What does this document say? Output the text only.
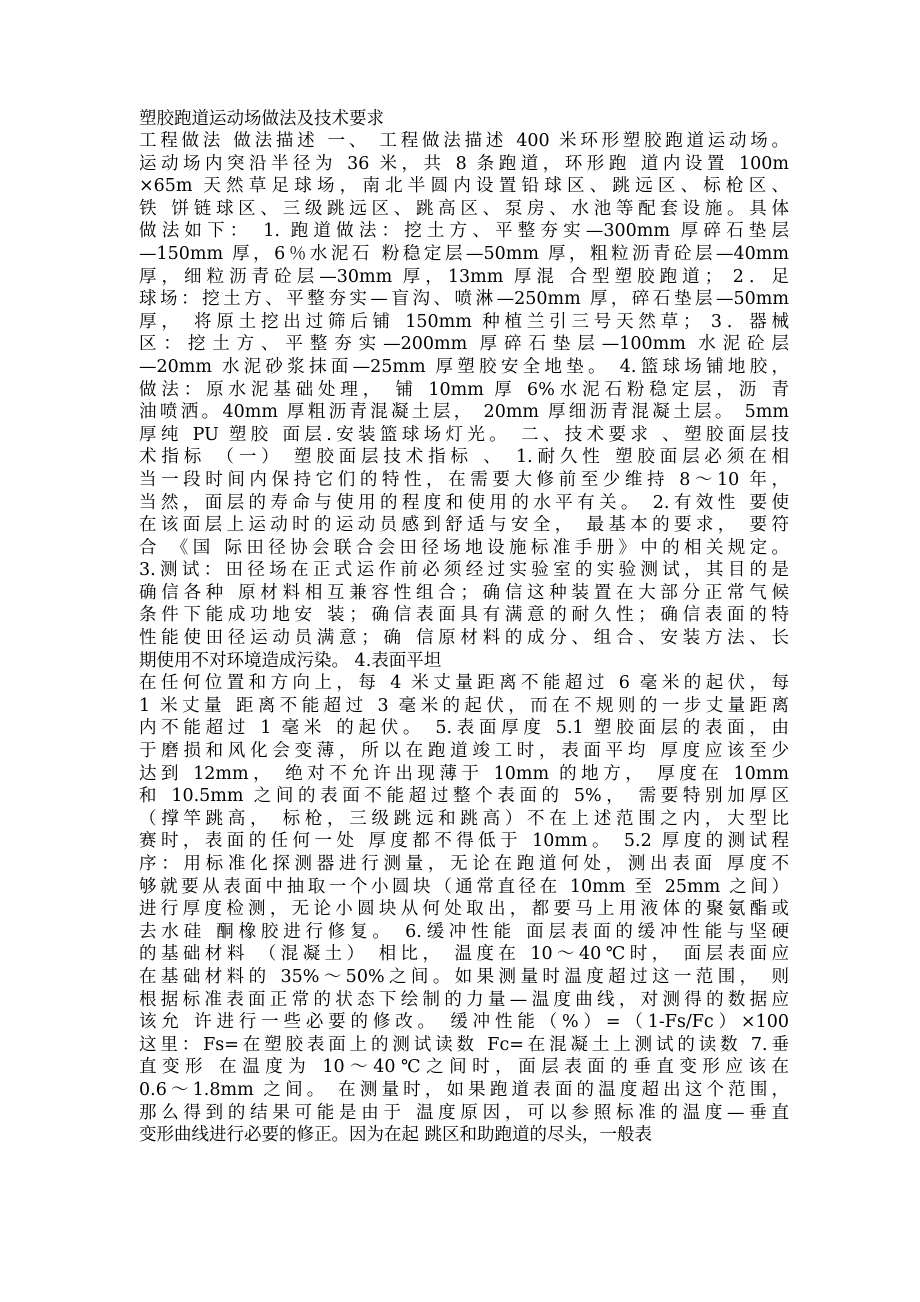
塑胶跑道运动场做法及技术要求
工程做法 做法描述 一、 工程做法描述 400 米环形塑胶跑道运动场。
运动场内突沿半径为 36 米，共 8 条跑道，环形跑 道内设置 100m
×65m 天然草足球场，南北半圆内设置铅球区、跳远区、标枪区、
铁 饼链球区、三级跳远区、跳高区、泵房、水池等配套设施。具体
做法如下： 1. 跑道做法：挖土方、平整夯实—300mm 厚碎石垫层
—150mm 厚，6％水泥石 粉稳定层—50mm 厚，粗粒沥青砼层—40mm
厚，细粒沥青砼层—30mm 厚，13mm 厚混 合型塑胶跑道； 2．足
球场：挖土方、平整夯实—盲沟、喷淋—250mm 厚，碎石垫层—50mm
厚， 将原土挖出过筛后铺 150mm 种植兰引三号天然草； 3．器械
区：挖土方、平整夯实—200mm 厚碎石垫层—100mm 水泥砼层
—20mm 水泥砂浆抹面—25mm 厚塑胶安全地垫。 4.篮球场铺地胶，
做法：原水泥基础处理， 铺 10mm 厚 6%水泥石粉稳定层，沥 青
油喷洒。40mm 厚粗沥青混凝土层， 20mm 厚细沥青混凝土层。 5mm
厚纯 PU 塑胶 面层.安装篮球场灯光。 二、技术要求 、塑胶面层技
术指标 （一） 塑胶面层技术指标 、 1.耐久性 塑胶面层必须在相
当一段时间内保持它们的特性，在需要大修前至少维持 8～10 年，
当然，面层的寿命与使用的程度和使用的水平有关。 2.有效性 要使
在该面层上运动时的运动员感到舒适与安全， 最基本的要求， 要符
合 《国 际田径协会联合会田径场地设施标准手册》中的相关规定。
3.测试：田径场在正式运作前必须经过实验室的实验测试，其目的是
确信各种 原材料相互兼容性组合；确信这种装置在大部分正常气候
条件下能成功地安 装；确信表面具有满意的耐久性；确信表面的特
性能使田径运动员满意；确 信原材料的成分、组合、安装方法、长
期使用不对环境造成污染。 4.表面平坦
在任何位置和方向上，每 4 米丈量距离不能超过 6 毫米的起伏，每
1 米丈量 距离不能超过 3 毫米的起伏，而在不规则的一步丈量距离
内不能超过 1 毫米 的起伏。 5.表面厚度 5.1 塑胶面层的表面，由
于磨损和风化会变薄，所以在跑道竣工时，表面平均 厚度应该至少
达到 12mm， 绝对不允许出现薄于 10mm 的地方， 厚度在 10mm
和 10.5mm 之间的表面不能超过整个表面的 5%， 需要特别加厚区
（撑竿跳高， 标枪，三级跳远和跳高）不在上述范围之内，大型比
赛时，表面的任何一处 厚度都不得低于 10mm。 5.2 厚度的测试程
序：用标准化探测器进行测量，无论在跑道何处，测出表面 厚度不
够就要从表面中抽取一个小圆块（通常直径在 10mm 至 25mm 之间）
进行厚度检测，无论小圆块从何处取出，都要马上用液体的聚氨酯或
去水硅 酮橡胶进行修复。 6.缓冲性能 面层表面的缓冲性能与坚硬
的基础材料 （混凝土） 相比， 温度在 10～40℃时， 面层表面应
在基础材料的 35%～50%之间。如果测量时温度超过这一范围， 则
根据标准表面正常的状态下绘制的力量—温度曲线，对测得的数据应
该允 许进行一些必要的修改。 缓冲性能（%）=（1-Fs/Fc）×100
这里：Fs=在塑胶表面上的测试读数 Fc=在混凝土上测试的读数 7.垂
直变形 在温度为 10～40℃之间时，面层表面的垂直变形应该在
0.6～1.8mm 之间。 在测量时，如果跑道表面的温度超出这个范围，
那么得到的结果可能是由于 温度原因，可以参照标准的温度—垂直
变形曲线进行必要的修正。因为在起 跳区和助跑道的尽头，一般表
